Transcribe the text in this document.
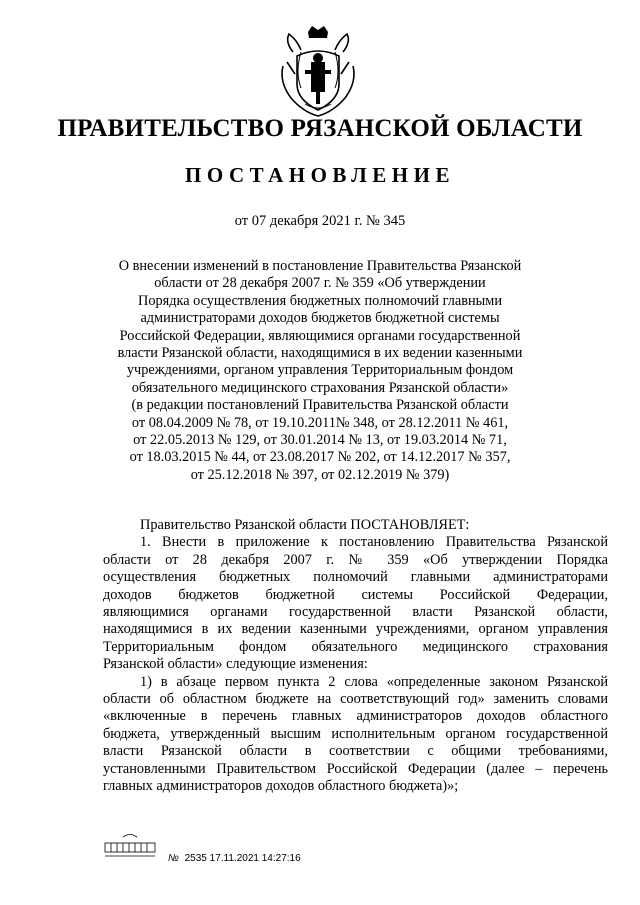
ПРАВИТЕЛЬСТВО РЯЗАНСКОЙ ОБЛАСТИ
ПОСТАНОВЛЕНИЕ
от 07 декабря 2021 г. № 345
О внесении изменений в постановление Правительства Рязанской
области от 28 декабря 2007 г. № 359 «Об утверждении
Порядка осуществления бюджетных полномочий главными
администраторами доходов бюджетов бюджетной системы
Российской Федерации, являющимися органами государственной
власти Рязанской области, находящимися в их ведении казенными
учреждениями, органом управления Территориальным фондом
обязательного медицинского страхования Рязанской области»
(в редакции постановлений Правительства Рязанской области
от 08.04.2009 № 78, от 19.10.2011№ 348, от 28.12.2011 № 461,
от 22.05.2013 № 129, от 30.01.2014 № 13, от 19.03.2014 № 71,
от 18.03.2015 № 44, от 23.08.2017 № 202, от 14.12.2017 № 357,
от 25.12.2018 № 397, от 02.12.2019 № 379)
Правительство Рязанской области ПОСТАНОВЛЯЕТ:
1. Внести в приложение к постановлению Правительства Рязанской
области от 28 декабря 2007 г. № 359 «Об утверждении Порядка
осуществления бюджетных полномочий главными администраторами
доходов бюджетов бюджетной системы Российской Федерации,
являющимися органами государственной власти Рязанской области,
находящимися в их ведении казенными учреждениями, органом управления
Территориальным фондом обязательного медицинского страхования
Рязанской области» следующие изменения:
1) в абзаце первом пункта 2 слова «определенные законом Рязанской
области об областном бюджете на соответствующий год» заменить словами
«включенные в перечень главных администраторов доходов областного
бюджета, утвержденный высшим исполнительным органом государственной
власти Рязанской области в соответствии с общими требованиями,
установленными Правительством Российской Федерации (далее – перечень
главных администраторов доходов областного бюджета)»;
№ 2535 17.11.2021 14:27:16
